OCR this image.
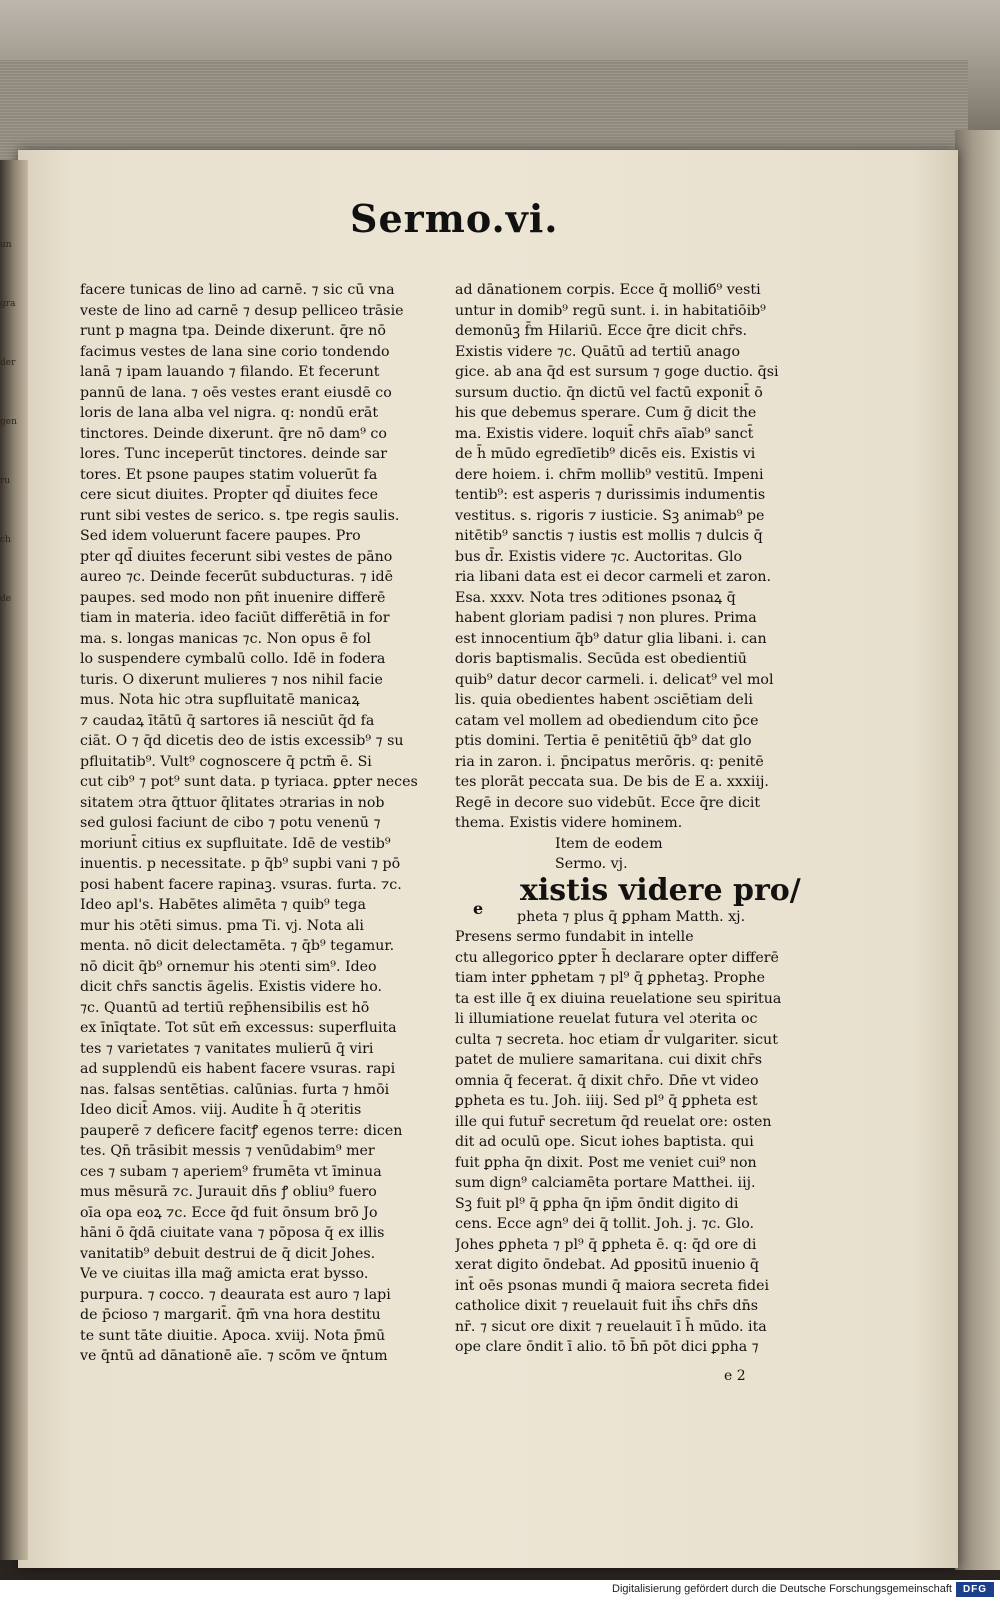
un
gra
der
gen
ru
ch
de
Sermo.vi.
facere tunicas de lino ad carnē. ⁊ sic cū vna
veste de lino ad carnē ⁊ desup pelliceo trāsie
runt p magna tpa. Deinde dixerunt. q̄re nō
facimus vestes de lana sine corio tondendo
lanā ⁊ ipam lauando ⁊ filando. Et fecerunt
pannū de lana. ⁊ oēs vestes erant eiusdē co
loris de lana alba vel nigra. q: nondū erāt
tinctores. Deinde dixerunt. q̄re nō dam⁹ co
lores. Tunc inceperūt tinctores. deinde sar
tores. Et psone paupes statim voluerūt fa
cere sicut diuites. Propter qd̄ diuites fece
runt sibi vestes de serico. s. tpe regis saulis.
Sed idem voluerunt facere paupes. Pro
pter qd̄ diuites fecerunt sibi vestes de pāno
aureo ⁊c. Deinde fecerūt subducturas. ⁊ idē
paupes. sed modo non pñt inuenire differē
tiam in materia. ideo faciūt differētiā in for
ma. s. longas manicas ⁊c. Non opus ē fol
lo suspendere cymbalū collo. Idē in fodera
turis. O dixerunt mulieres ⁊ nos nihil facie
mus. Nota hic ɔtra supfluitatē manicaꝝ
⁊ caudaꝝ ītātū q̄ sartores iā nesciūt q̄d fa
ciāt. O ⁊ q̄d dicetis deo de istis excessib⁹ ⁊ su
pfluitatib⁹. Vult⁹ cognoscere q̄ pctm̄ ē. Si
cut cib⁹ ⁊ pot⁹ sunt data. p tyriaca. ꝑpter neces
sitatem ɔtra q̄ttuor q̄litates ɔtrarias in nob
sed gulosi faciunt de cibo ⁊ potu venenū ⁊
moriunt̄ citius ex supfluitate. Idē de vestib⁹
inuentis. p necessitate. p q̄b⁹ supbi vani ⁊ pō
posi habent facere rapinaꝫ. vsuras. furta. ⁊c.
Ideo apl's. Habētes alimēta ⁊ quib⁹ tega
mur his ɔtēti simus. pma Ti. vj. Nota ali
menta. nō dicit delectamēta. ⁊ q̄b⁹ tegamur.
nō dicit q̄b⁹ ornemur his ɔtenti sim⁹. Ideo
dicit chr̄s sanctis āgelis. Existis videre ho.
⁊c. Quantū ad tertiū rep̄hensibilis est hō
ex īnīqtate. Tot sūt em̄ excessus: superfluita
tes ⁊ varietates ⁊ vanitates mulierū q̄ viri
ad supplendū eis habent facere vsuras. rapi
nas. falsas sentētias. calūnias. furta ⁊ hmōi
Ideo dicit̄ Amos. viij. Audite h̄ q̄ ɔteritis
pauperē ⁊ deficere facitꝭ egenos terre: dicen
tes. Qn̄ trāsibit messis ⁊ venūdabim⁹ mer
ces ⁊ subam ⁊ aperiem⁹ frumēta vt īminua
mus mēsurā ⁊c. Jurauit dn̄s ꝭ obliu⁹ fuero
oīa opa eoꝝ ⁊c. Ecce q̄d fuit ōnsum brō Jo
hāni ō q̄dā ciuitate vana ⁊ pōposa q̄ ex illis
vanitatib⁹ debuit destrui de q̄ dicit Johes.
Ve ve ciuitas illa mag̃ amicta erat bysso.
purpura. ⁊ cocco. ⁊ deaurata est auro ⁊ lapi
de p̄cioso ⁊ margarit̄. q̄m̄ vna hora destitu
te sunt tāte diuitie. Apoca. xviij. Nota p̄mū
ve q̄ntū ad dānationē aīe. ⁊ scōm ve q̄ntum
ad dānationem corpis. Ecce q̄ molliб⁹ vesti
untur in domib⁹ regū sunt. i. in habitatiōib⁹
demonūꝫ f̄m Hilariū. Ecce q̄re dicit chr̄s.
Existis videre ⁊c. Quātū ad tertiū anago
gice. ab ana q̄d est sursum ⁊ goge ductio. q̄si
sursum ductio. q̄n dictū vel factū exponit̄ ō
his que debemus sperare. Cum ḡ dicit the
ma. Existis videre. loquit̄ chr̄s aīab⁹ sanct̄
de h̄ mūdo egredīetib⁹ dicēs eis. Existis vi
dere hoiem. i. chr̄m mollib⁹ vestitū. Impeni
tentib⁹: est asperis ⁊ durissimis indumentis
vestitus. s. rigoris ⁊ iusticie. Sꝫ animab⁹ pe
nitētib⁹ sanctis ⁊ iustis est mollis ⁊ dulcis q̄
bus d̄r. Existis videre ⁊c. Auctoritas. Glo
ria libani data est ei decor carmeli et zaron.
Esa. xxxv. Nota tres ɔditiones psonaꝝ q̄
habent gloriam padisi ⁊ non plures. Prima
est innocentium q̄b⁹ datur glia libani. i. can
doris baptismalis. Secūda est obedientiū
quib⁹ datur decor carmeli. i. delicat⁹ vel mol
lis. quia obedientes habent ɔsciētiam deli
catam vel mollem ad obediendum cito p̄ce
ptis domini. Tertia ē penitētiū q̄b⁹ dat glo
ria in zaron. i. p̄ncipatus merōris. q: penitē
tes plorāt peccata sua. De bis de E a. xxxiij.
Regē in decore suo videbūt. Ecce q̄re dicit
thema. Existis videre hominem.
Item de eodem
Sermo. vj.
xistis videre pro/
e	pheta ⁊ plus q̄ ꝑpham Matth. xj.
Presens sermo fundabit in intelle
ctu allegorico ꝑpter h̄ declarare opter differē
tiam inter ꝑphetam ⁊ pl⁹ q̄ ꝑphetaꝫ. Prophe
ta est ille q̄ ex diuina reuelatione seu spiritua
li illumiatione reuelat futura vel ɔterita oc
culta ⁊ secreta. hoc etiam d̄r vulgariter. sicut
patet de muliere samaritana. cui dixit chr̄s
omnia q̄ fecerat. q̄ dixit chr̄o. Dn̄e vt video
ꝑpheta es tu. Joh. iiij. Sed pl⁹ q̄ ꝑpheta est
ille qui futur̄ secretum q̄d reuelat ore: osten
dit ad oculū ope. Sicut iohes baptista. qui
fuit ꝑpha q̄n dixit. Post me veniet cui⁹ non
sum dign⁹ calciamēta portare Matthei. iij.
Sꝫ fuit pl⁹ q̄ ꝑpha q̄n ip̄m ōndit digito di
cens. Ecce agn⁹ dei q̄ tollit. Joh. j. ⁊c. Glo.
Johes ꝑpheta ⁊ pl⁹ q̄ ꝑpheta ē. q: q̄d ore di
xerat digito ōndebat. Ad ꝑpositū inuenio q̄
int̄ oēs psonas mundi q̄ maiora secreta fidei
catholice dixit ⁊ reuelauit fuit ih̄s chr̄s dn̄s
nr̄. ⁊ sicut ore dixit ⁊ reuelauit ī h̄ mūdo. ita
ope clare ōndit ī alio. tō b̄n̄ pōt dici ꝑpha ⁊
e 2
Digitalisierung gefördert durch die Deutsche Forschungsgemeinschaft	DFG
